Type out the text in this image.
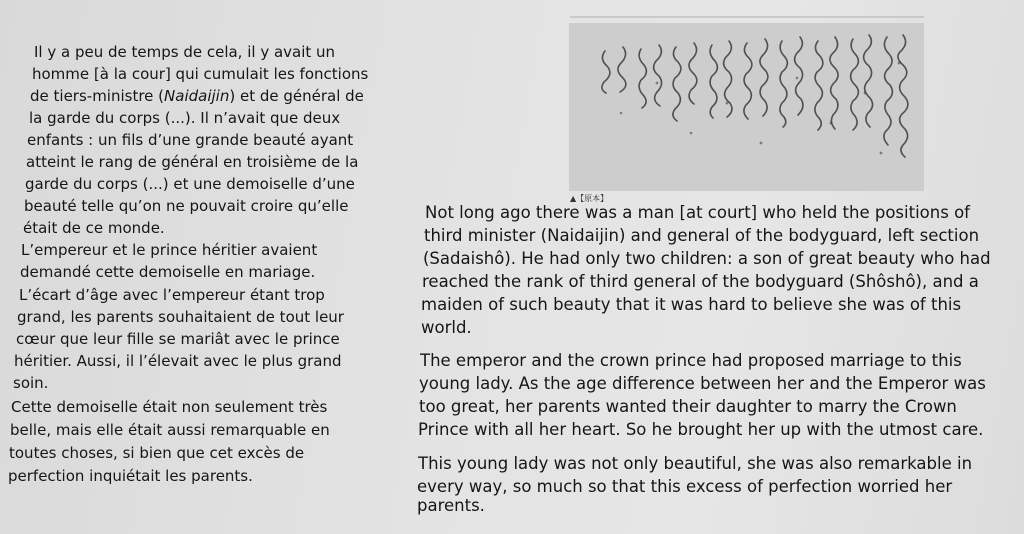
Il y a peu de temps de cela, il y avait un
homme [à la cour] qui cumulait les fonctions
de tiers-ministre (Naidaijin) et de général de
la garde du corps (...). Il n’avait que deux
enfants : un fils d’une grande beauté ayant
atteint le rang de général en troisième de la
garde du corps (...) et une demoiselle d’une
beauté telle qu’on ne pouvait croire qu’elle
était de ce monde.
L’empereur et le prince héritier avaient
demandé cette demoiselle en mariage.
L’écart d’âge avec l’empereur étant trop
grand, les parents souhaitaient de tout leur
cœur que leur fille se mariât avec le prince
héritier. Aussi, il l’élevait avec le plus grand
soin.
Cette demoiselle était non seulement très
belle, mais elle était aussi remarquable en
toutes choses, si bien que cet excès de
perfection inquiétait les parents.
▲【原本】
Not long ago there was a man [at court] who held the positions of
third minister (Naidaijin) and general of the bodyguard, left section
(Sadaishô). He had only two children: a son of great beauty who had
reached the rank of third general of the bodyguard (Shôshô), and a
maiden of such beauty that it was hard to believe she was of this
world.
The emperor and the crown prince had proposed marriage to this
young lady. As the age difference between her and the Emperor was
too great, her parents wanted their daughter to marry the Crown
Prince with all her heart. So he brought her up with the utmost care.
This young lady was not only beautiful, she was also remarkable in
every way, so much so that this excess of perfection worried her
parents.
